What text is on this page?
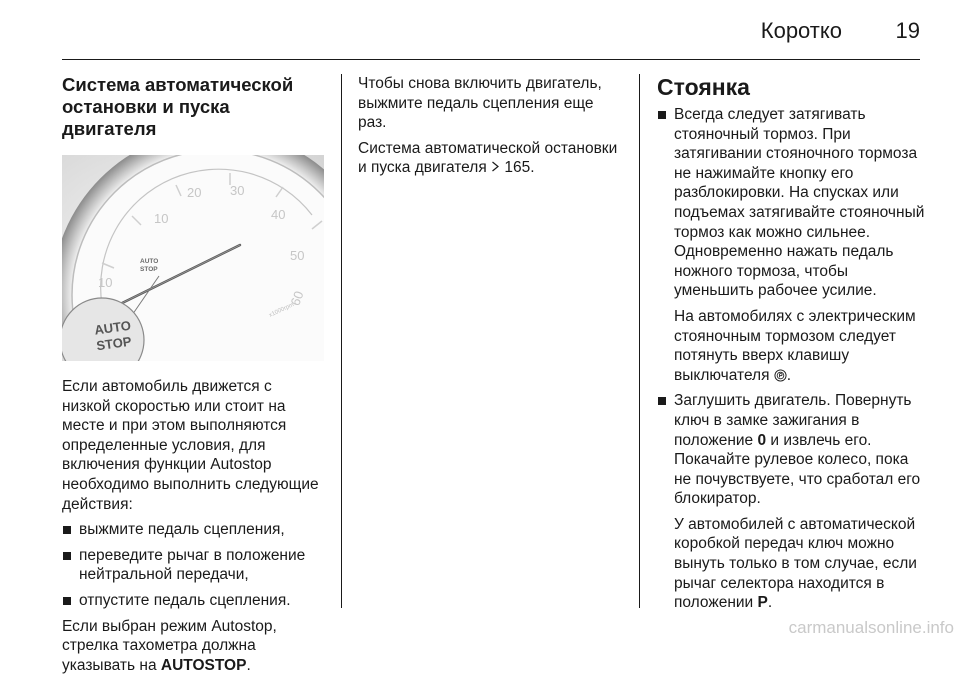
Коротко 19
Система автоматической остановки и пуска двигателя
10
10
20 30
40
50
60
AUTO
STOP
x1000rpm
AUTO
STOP

Если автомобиль движется с низкой скоростью или стоит на месте и при этом выполняются определенные условия, для включения функции Autostop необходимо выполнить следующие действия:

выжмите педаль сцепления,
переведите рычаг в положение нейтральной передачи,
отпустите педаль сцепления.

Если выбран режим Autostop, стрелка тахометра должна указывать на AUTOSTOP.

Чтобы снова включить двигатель, выжмите педаль сцепления еще раз.

Система автоматической остановки и пуска двигателя 165.

Стоянка
Всегда следует затягивать стояночный тормоз. При затягивании стояночного тормоза не нажимайте кнопку его разблокировки. На спусках или подъемах затягивайте стояночный тормоз как можно сильнее. Одновременно нажать педаль ножного тормоза, чтобы уменьшить рабочее усилие.
На автомобилях с электрическим стояночным тормозом следует потянуть вверх клавишу выключателя .
Заглушить двигатель. Повернуть ключ в замке зажигания в положение 0 и извлечь его. Покачайте рулевое колесо, пока не почувствуете, что сработал его блокиратор.
У автомобилей с автоматической коробкой передач ключ можно вынуть только в том случае, если рычаг селектора находится в положении P.
carmanualsonline.info
